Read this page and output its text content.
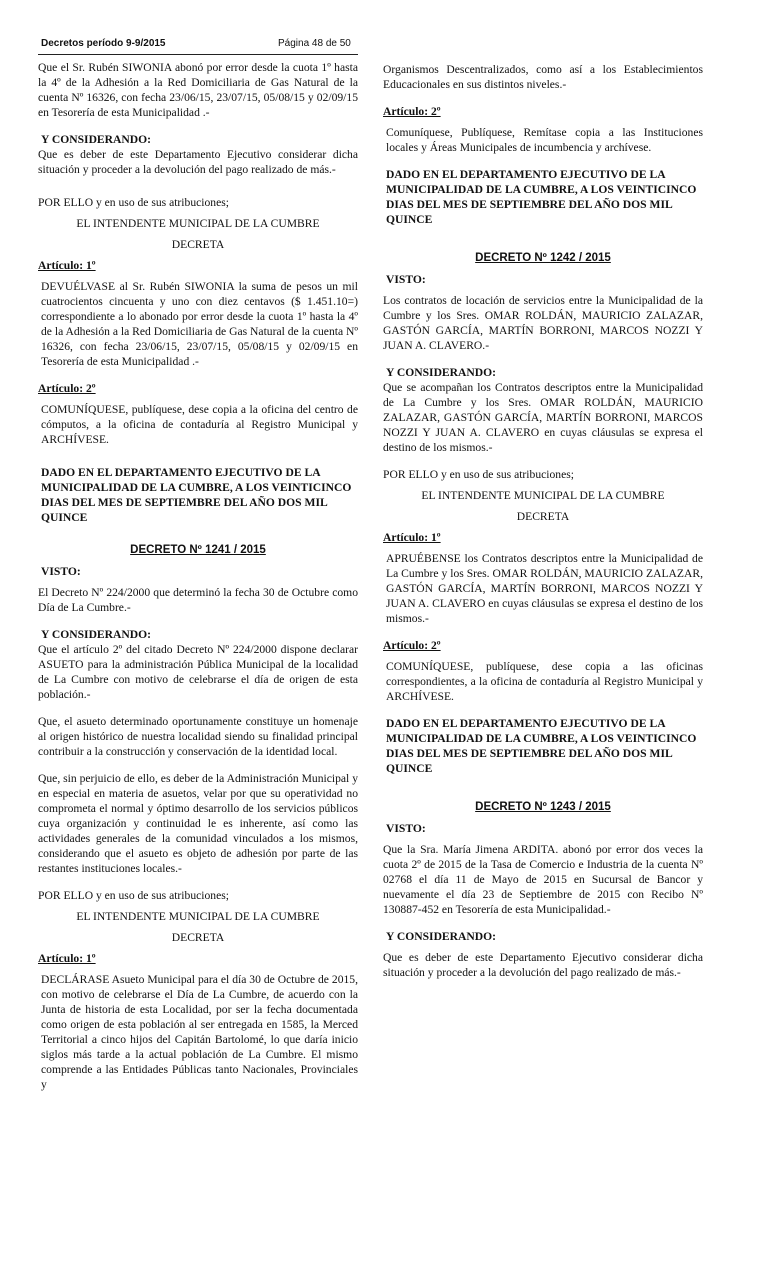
Decretos período 9-9/2015	Página 48 de 50

Que el Sr. Rubén SIWONIA abonó por error desde la cuota 1º hasta la 4º de la Adhesión a la Red Domiciliaria de Gas Natural de la cuenta Nº 16326, con fecha 23/06/15, 23/07/15, 05/08/15 y 02/09/15 en Tesorería de esta Municipalidad .-

Y CONSIDERANDO:

Que es deber de este Departamento Ejecutivo considerar dicha situación y proceder a la devolución del pago realizado de más.-

POR ELLO y en uso de sus atribuciones;

EL INTENDENTE MUNICIPAL DE LA CUMBRE

DECRETA

Artículo: 1º

DEVUÉLVASE al Sr. Rubén SIWONIA la suma de pesos un mil cuatrocientos cincuenta y uno con diez centavos ($ 1.451.10=) correspondiente a lo abonado por error desde la cuota 1º hasta la 4º de la Adhesión a la Red Domiciliaria de Gas Natural de la cuenta Nº 16326, con fecha 23/06/15, 23/07/15, 05/08/15 y 02/09/15 en Tesorería de esta Municipalidad .-

Artículo: 2º

COMUNÍQUESE, publíquese, dese copia a la oficina del centro de cómputos, a la oficina de contaduría al Registro Municipal y ARCHÍVESE.

DADO EN EL DEPARTAMENTO EJECUTIVO DE LA MUNICIPALIDAD DE LA CUMBRE, A LOS VEINTICINCO DIAS DEL MES DE SEPTIEMBRE DEL AÑO DOS MIL QUINCE

DECRETO Nº 1241 / 2015

VISTO:

El Decreto Nº 224/2000 que determinó la fecha 30 de Octubre como Día de La Cumbre.-

Y CONSIDERANDO:

Que el artículo 2º del citado Decreto Nº 224/2000 dispone declarar ASUETO para la administración Pública Municipal de la localidad de La Cumbre con motivo de celebrarse el día de origen de esta población.-

Que, el asueto determinado oportunamente constituye un homenaje al origen histórico de nuestra localidad siendo su finalidad principal contribuir a la construcción y conservación de la identidad local.

Que, sin perjuicio de ello, es deber de la Administración Municipal y en especial en materia de asuetos, velar por que su operatividad no comprometa el normal y óptimo desarrollo de los servicios públicos cuya organización y continuidad le es inherente, así como las actividades generales de la comunidad vinculados a los mismos, considerando que el asueto es objeto de adhesión por parte de las restantes instituciones locales.-

POR ELLO y en uso de sus atribuciones;

EL INTENDENTE MUNICIPAL DE LA CUMBRE

DECRETA

Artículo: 1º

DECLÁRASE Asueto Municipal para el día 30 de Octubre de 2015, con motivo de celebrarse el Día de La Cumbre, de acuerdo con la Junta de historia de esta Localidad, por ser la fecha documentada como origen de esta población al ser entregada en 1585, la Merced Territorial a cinco hijos del Capitán Bartolomé, lo que daría inicio siglos más tarde a la actual población de La Cumbre. El mismo comprende a las Entidades Públicas tanto Nacionales, Provinciales y

Organismos Descentralizados, como así a los Establecimientos Educacionales en sus distintos niveles.-

Artículo: 2º

Comuníquese, Publíquese, Remítase copia a las Instituciones locales y Áreas Municipales de incumbencia y archívese.

DADO EN EL DEPARTAMENTO EJECUTIVO DE LA MUNICIPALIDAD DE LA CUMBRE, A LOS VEINTICINCO DIAS DEL MES DE SEPTIEMBRE DEL AÑO DOS MIL QUINCE

DECRETO Nº 1242 / 2015

VISTO:

Los contratos de locación de servicios entre la Municipalidad de la Cumbre y los Sres. OMAR ROLDÁN, MAURICIO ZALAZAR, GASTÓN GARCÍA, MARTÍN BORRONI, MARCOS NOZZI Y JUAN A. CLAVERO.-

Y CONSIDERANDO:

Que se acompañan los Contratos descriptos entre la Municipalidad de La Cumbre y los Sres. OMAR ROLDÁN, MAURICIO ZALAZAR, GASTÓN GARCÍA, MARTÍN BORRONI, MARCOS NOZZI Y JUAN A. CLAVERO en cuyas cláusulas se expresa el destino de los mismos.-

POR ELLO y en uso de sus atribuciones;

EL INTENDENTE MUNICIPAL DE LA CUMBRE

DECRETA

Artículo: 1º

APRUÉBENSE los Contratos descriptos entre la Municipalidad de La Cumbre y los Sres. OMAR ROLDÁN, MAURICIO ZALAZAR, GASTÓN GARCÍA, MARTÍN BORRONI, MARCOS NOZZI Y JUAN A. CLAVERO en cuyas cláusulas se expresa el destino de los mismos.-

Artículo: 2º

COMUNÍQUESE, publíquese, dese copia a las oficinas correspondientes, a la oficina de contaduría al Registro Municipal y ARCHÍVESE.

DADO EN EL DEPARTAMENTO EJECUTIVO DE LA MUNICIPALIDAD DE LA CUMBRE, A LOS VEINTICINCO DIAS DEL MES DE SEPTIEMBRE DEL AÑO DOS MIL QUINCE

DECRETO Nº 1243 / 2015

VISTO:

Que la Sra. María Jimena ARDITA. abonó por error dos veces la cuota 2º de 2015 de la Tasa de Comercio e Industria de la cuenta Nº 02768 el día 11 de Mayo de 2015 en Sucursal de Bancor y nuevamente el día 23 de Septiembre de 2015 con Recibo Nº 130887-452 en Tesorería de esta Municipalidad.-

Y CONSIDERANDO:

Que es deber de este Departamento Ejecutivo considerar dicha situación y proceder a la devolución del pago realizado de más.-
